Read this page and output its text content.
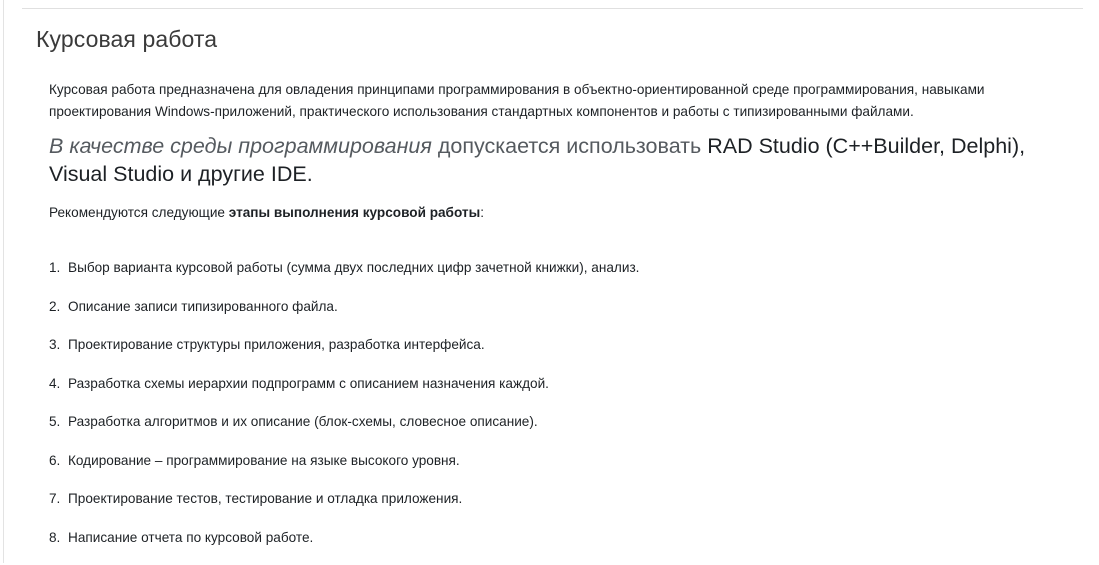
Курсовая работа

Курсовая работа предназначена для овладения принципами программирования в объектно-ориентированной среде программирования, навыками проектирования Windows-приложений, практического использования стандартных компонентов и работы с типизированными файлами.

В качестве среды программирования допускается использовать RAD Studio (C++Builder, Delphi), Visual Studio и другие IDE.

Рекомендуются следующие этапы выполнения курсовой работы:

1. Выбор варианта курсовой работы (сумма двух последних цифр зачетной книжки), анализ.
2. Описание записи типизированного файла.
3. Проектирование структуры приложения, разработка интерфейса.
4. Разработка схемы иерархии подпрограмм с описанием назначения каждой.
5. Разработка алгоритмов и их описание (блок-схемы, словесное описание).
6. Кодирование – программирование на языке высокого уровня.
7. Проектирование тестов, тестирование и отладка приложения.
8. Написание отчета по курсовой работе.
